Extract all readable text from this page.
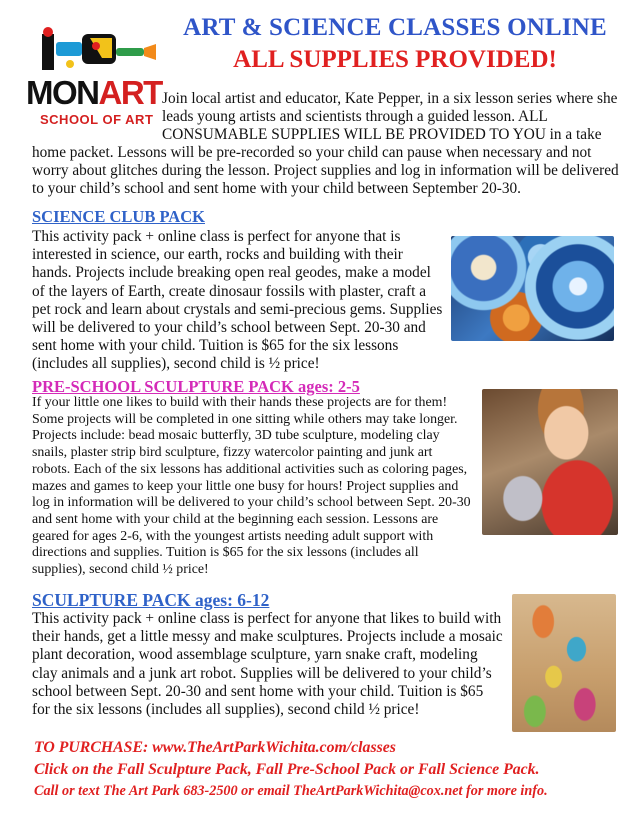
MONART
SCHOOL OF ART
ART & SCIENCE CLASSES ONLINE
ALL SUPPLIES PROVIDED!
Join local artist and educator, Kate Pepper, in a six lesson series where she leads young artists and scientists through a guided lesson. ALL CONSUMABLE SUPPLIES WILL BE PROVIDED TO YOU in a take
home packet. Lessons will be pre-recorded so your child can pause when necessary and not worry about glitches during the lesson. Project supplies and log in information will be delivered to your child’s school and sent home with your child between September 20-30.
SCIENCE CLUB PACK
This activity pack + online class is perfect for anyone that is interested in science, our earth, rocks and building with their hands. Projects include breaking open real geodes, make a model of the layers of Earth, create dinosaur fossils with plaster, craft a pet rock and learn about crystals and semi-precious gems. Supplies will be delivered to your child’s school between Sept. 20-30 and sent home with your child. Tuition is $65 for the six lessons (includes all supplies), second child is ½ price!
PRE-SCHOOL SCULPTURE PACK ages: 2-5
If your little one likes to build with their hands these projects are for them! Some projects will be completed in one sitting while others may take longer. Projects include: bead mosaic butterfly, 3D tube sculpture, modeling clay snails, plaster strip bird sculpture, fizzy watercolor painting and junk art robots. Each of the six lessons has additional activities such as coloring pages, mazes and games to keep your little one busy for hours! Project supplies and log in information will be delivered to your child’s school between Sept. 20-30 and sent home with your child at the beginning each session. Lessons are geared for ages 2-6, with the youngest artists needing adult support with directions and supplies. Tuition is $65 for the six lessons (includes all supplies), second child ½ price!
SCULPTURE PACK ages: 6-12
This activity pack + online class is perfect for anyone that likes to build with their hands, get a little messy and make sculptures. Projects include a mosaic plant decoration, wood assemblage sculpture, yarn snake craft, modeling clay animals and a junk art robot. Supplies will be delivered to your child’s school between Sept. 20-30 and sent home with your child. Tuition is $65 for the six lessons (includes all supplies), second child ½ price!
TO PURCHASE: www.TheArtParkWichita.com/classes
Click on the Fall Sculpture Pack, Fall Pre-School Pack or Fall Science Pack.
Call or text The Art Park 683-2500 or email TheArtParkWichita@cox.net for more info.
